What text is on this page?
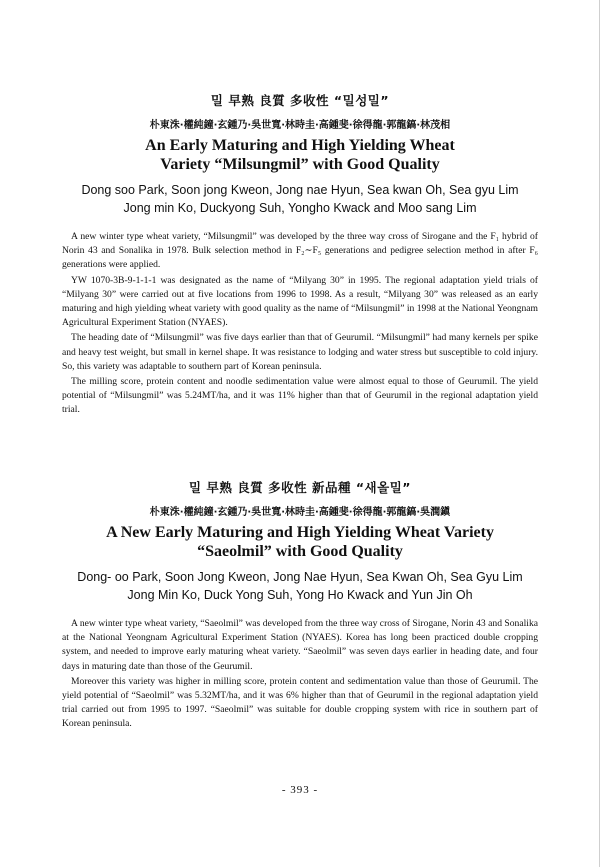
밀 早熟 良質 多收性 “밀성밀”
朴東洙·權純鐘·玄鍾乃·吳世寬·林時圭·高鍾斐·徐得龍·郭龍鎬·林茂相
An Early Maturing and High Yielding Wheat
Variety “Milsungmil” with Good Quality
Dong soo Park, Soon jong Kweon, Jong nae Hyun, Sea kwan Oh, Sea gyu Lim
Jong min Ko, Duckyong Suh, Yongho Kwack and Moo sang Lim

A new winter type wheat variety, “Milsungmil” was developed by the three way cross of Sirogane and the F₁ hybrid of Norin 43 and Sonalika in 1978. Bulk selection method in F₂∼F₅ generations and pedigree selection method in after F₆ generations were applied.

YW 1070-3B-9-1-1-1 was designated as the name of “Milyang 30” in 1995. The regional adaptation yield trials of “Milyang 30” were carried out at five locations from 1996 to 1998. As a result, “Milyang 30” was released as an early maturing and high yielding wheat variety with good quality as the name of “Milsungmil” in 1998 at the National Yeongnam Agricultural Experiment Station (NYAES).

The heading date of “Milsungmil” was five days earlier than that of Geurumil. “Milsungmil” had many kernels per spike and heavy test weight, but small in kernel shape. It was resistance to lodging and water stress but susceptible to cold injury. So, this variety was adaptable to southern part of Korean peninsula.

The milling score, protein content and noodle sedimentation value were almost equal to those of Geurumil. The yield potential of “Milsungmil” was 5.24MT/ha, and it was 11% higher than that of Geurumil in the regional adaptation yield trial.

밀 早熟 良質 多收性 新品種 “새올밀”
朴東洙·權純鐘·玄鍾乃·吳世寬·林時圭·高鍾斐·徐得龍·郭龍鎬·吳潤鎭
A New Early Maturing and High Yielding Wheat Variety
“Saeolmil” with Good Quality
Dong- oo Park, Soon Jong Kweon, Jong Nae Hyun, Sea Kwan Oh, Sea Gyu Lim
Jong Min Ko, Duck Yong Suh, Yong Ho Kwack and Yun Jin Oh

A new winter type wheat variety, “Saeolmil” was developed from the three way cross of Sirogane, Norin 43 and Sonalika at the National Yeongnam Agricultural Experiment Station (NYAES). Korea has long been practiced double cropping system, and needed to improve early maturing wheat variety. “Saeolmil” was seven days earlier in heading date, and four days in maturing date than those of the Geurumil.

Moreover this variety was higher in milling score, protein content and sedimentation value than those of Geurumil. The yield potential of “Saeolmil” was 5.32MT/ha, and it was 6% higher than that of Geurumil in the regional adaptation yield trial carried out from 1995 to 1997. “Saeolmil” was suitable for double cropping system with rice in southern part of Korean peninsula.

- 393 -
